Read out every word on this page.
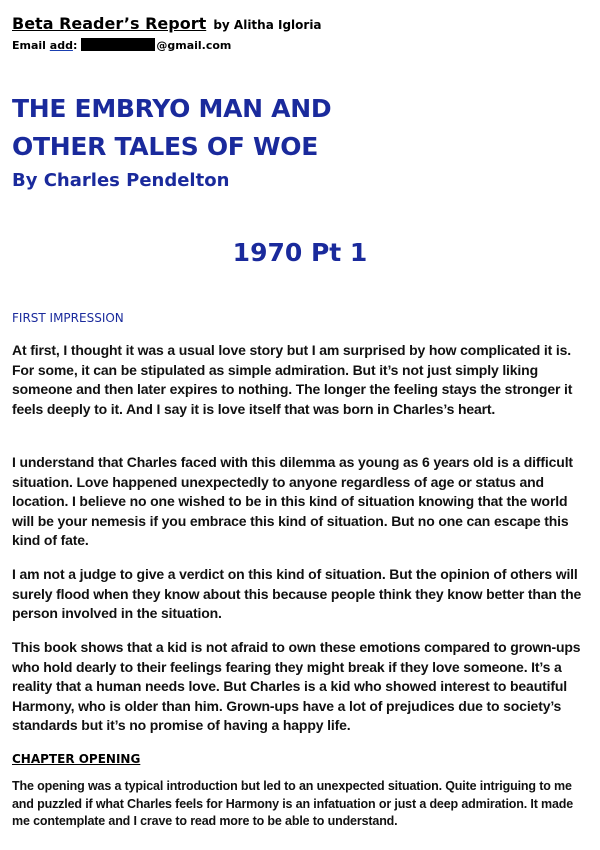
Beta Reader’s Report by Alitha Igloria
Email add:	@gmail.com
THE EMBRYO MAN AND
OTHER TALES OF WOE
By Charles Pendelton
1970 Pt 1
FIRST IMPRESSION
At first, I thought it was a usual love story but I am surprised by how complicated it is. For some, it can be stipulated as simple admiration. But it’s not just simply liking someone and then later expires to nothing. The longer the feeling stays the stronger it feels deeply to it. And I say it is love itself that was born in Charles’s heart.
I understand that Charles faced with this dilemma as young as 6 years old is a difficult situation. Love happened unexpectedly to anyone regardless of age or status and location. I believe no one wished to be in this kind of situation knowing that the world will be your nemesis if you embrace this kind of situation. But no one can escape this kind of fate.
I am not a judge to give a verdict on this kind of situation. But the opinion of others will surely flood when they know about this because people think they know better than the person involved in the situation.
This book shows that a kid is not afraid to own these emotions compared to grown-ups who hold dearly to their feelings fearing they might break if they love someone. It’s a reality that a human needs love. But Charles is a kid who showed interest to beautiful Harmony, who is older than him. Grown-ups have a lot of prejudices due to society’s standards but it’s no promise of having a happy life.
CHAPTER OPENING
The opening was a typical introduction but led to an unexpected situation. Quite intriguing to me and puzzled if what Charles feels for Harmony is an infatuation or just a deep admiration. It made me contemplate and I crave to read more to be able to understand.
